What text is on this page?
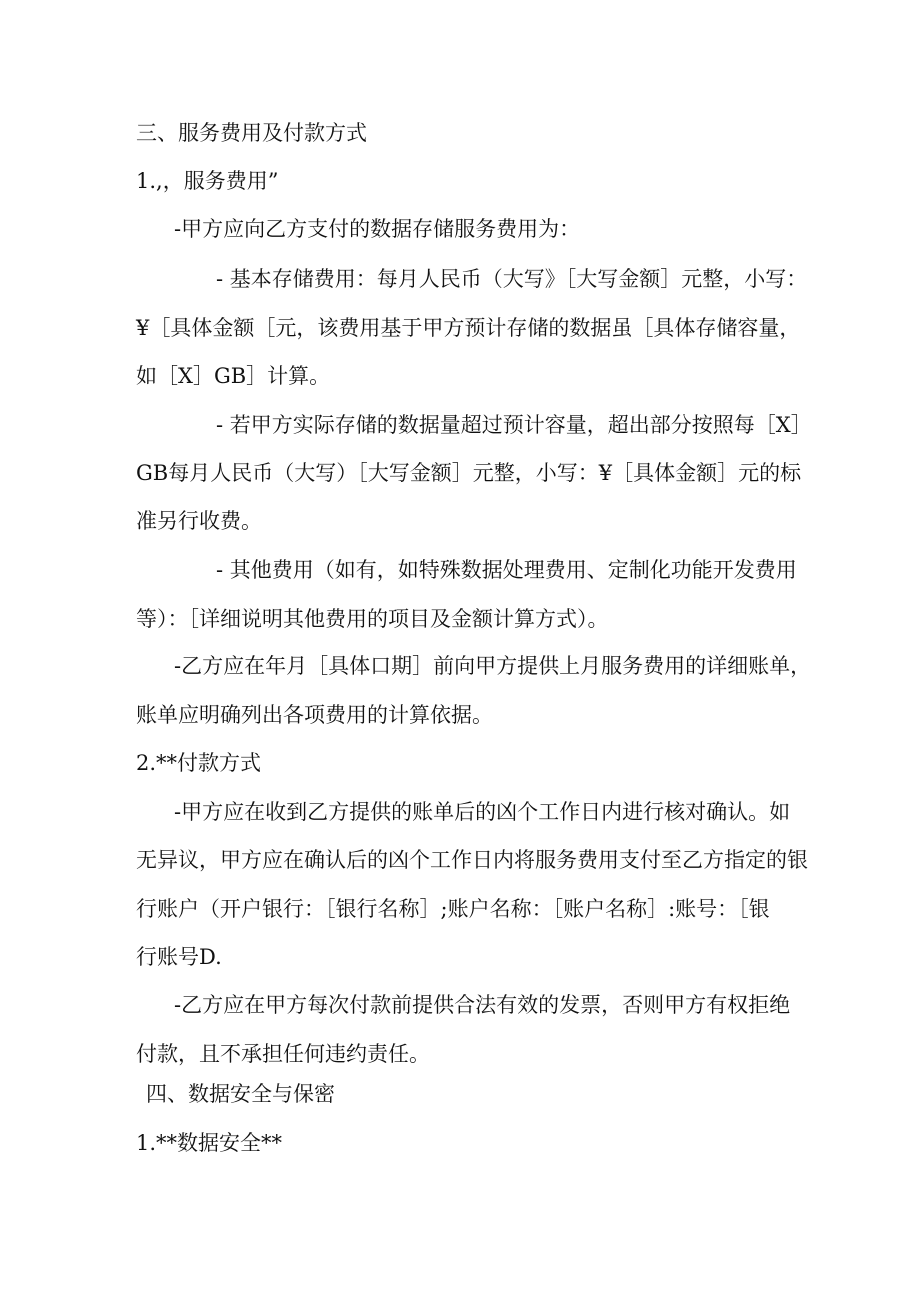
三、服务费用及付款方式
1.,，服务费用”
-甲方应向乙方支付的数据存储服务费用为：
- 基本存储费用：每月人民币（大写》［大写金额］元整，小写：
¥［具体金额［元，该费用基于甲方预计存储的数据虽［具体存储容量，
如［X］GB］计算。
- 若甲方实际存储的数据量超过预计容量，超出部分按照每［X］
GB每月人民币（大写）［大写金额］元整，小写：¥［具体金额］元的标
准另行收费。
- 其他费用（如有，如特殊数据处理费用、定制化功能开发费用
等）：［详细说明其他费用的项目及金额计算方式）。
-乙方应在年月［具体口期］前向甲方提供上月服务费用的详细账单，
账单应明确列出各项费用的计算依据。
2.**付款方式
-甲方应在收到乙方提供的账单后的凶个工作日内进行核对确认。如
无异议，甲方应在确认后的凶个工作日内将服务费用支付至乙方指定的银
行账户（开户银行：［银行名称］;账户名称：［账户名称］:账号：［银
行账号D.
-乙方应在甲方每次付款前提供合法有效的发票，否则甲方有权拒绝
付款，且不承担任何违约责任。
四、数据安全与保密
1.**数据安全**
